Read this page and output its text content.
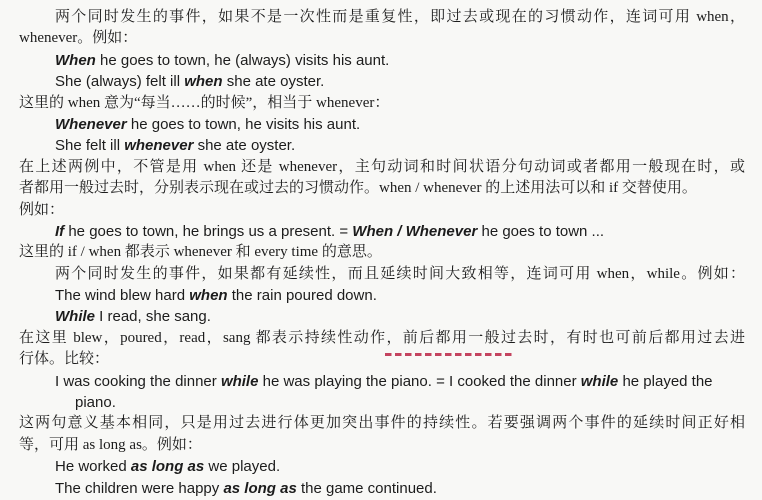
两个同时发生的事件，如果不是一次性而是重复性，即过去或现在的习惯动作，连词可用 when，
whenever。例如：
When he goes to town, he (always) visits his aunt.
She (always) felt ill when she ate oyster.
这里的 when 意为“每当……的时候”，相当于 whenever：
Whenever he goes to town, he visits his aunt.
She felt ill whenever she ate oyster.
在上述两例中，不管是用 when 还是 whenever，主句动词和时间状语分句动词或者都用一般现在时，或
者都用一般过去时，分别表示现在或过去的习惯动作。when / whenever 的上述用法可以和 if 交替使用。
例如：
If he goes to town, he brings us a present. = When / Whenever he goes to town ...
这里的 if / when 都表示 whenever 和 every time 的意思。
两个同时发生的事件，如果都有延续性，而且延续时间大致相等，连词可用 when，while。例如：
The wind blew hard when the rain poured down.
While I read, she sang.
在这里 blew，poured，read，sang 都表示持续性动作，前后都用一般过去时，有时也可前后都用过去进
行体。比较：
I was cooking the dinner while he was playing the piano. = I cooked the dinner while he played the
piano.
这两句意义基本相同，只是用过去进行体更加突出事件的持续性。若要强调两个事件的延续时间正好相
等，可用 as long as。例如：
He worked as long as we played.
The children were happy as long as the game continued.
